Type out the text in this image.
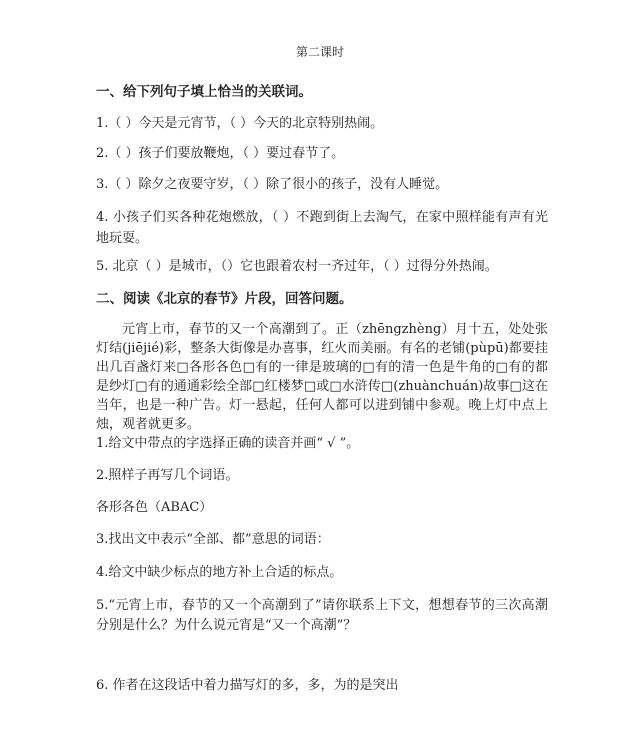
第二课时
一、给下列句子填上恰当的关联词。
1.（ ）今天是元宵节，（ ）今天的北京特别热闹。
2.（ ）孩子们要放鞭炮，（ ）要过春节了。
3.（ ）除夕之夜要守岁，（ ）除了很小的孩子，没有人睡觉。
4. 小孩子们买各种花炮燃放，（ ）不跑到街上去淘气，在家中照样能有声有光地玩耍。
5. 北京（ ）是城市，（）它也跟着农村一齐过年，（ ）过得分外热闹。
二、阅读《北京的春节》片段，回答问题。
元宵上市，春节的又一个高潮到了。正（zhēngzhèng）月十五，处处张灯结(jiējié)彩，整条大街像是办喜事，红火而美丽。有名的老铺(pùpū)都要挂出几百盏灯来□各形各色□有的一律是玻璃的□有的清一色是牛角的□有的都是纱灯□有的通通彩绘全部□红楼梦□或□水浒传□(zhuànchuán)故事□这在当年，也是一种广告。灯一悬起，任何人都可以进到铺中参观。晚上灯中点上烛，观者就更多。
1.给文中带点的字选择正确的读音并画“ √ ”。
2.照样子再写几个词语。
各形各色（ABAC）
3.找出文中表示“全部、都”意思的词语：
4.给文中缺少标点的地方补上合适的标点。
5.“元宵上市，春节的又一个高潮到了”请你联系上下文，想想春节的三次高潮分别是什么？为什么说元宵是“又一个高潮”？
6. 作者在这段话中着力描写灯的多，多，为的是突出
